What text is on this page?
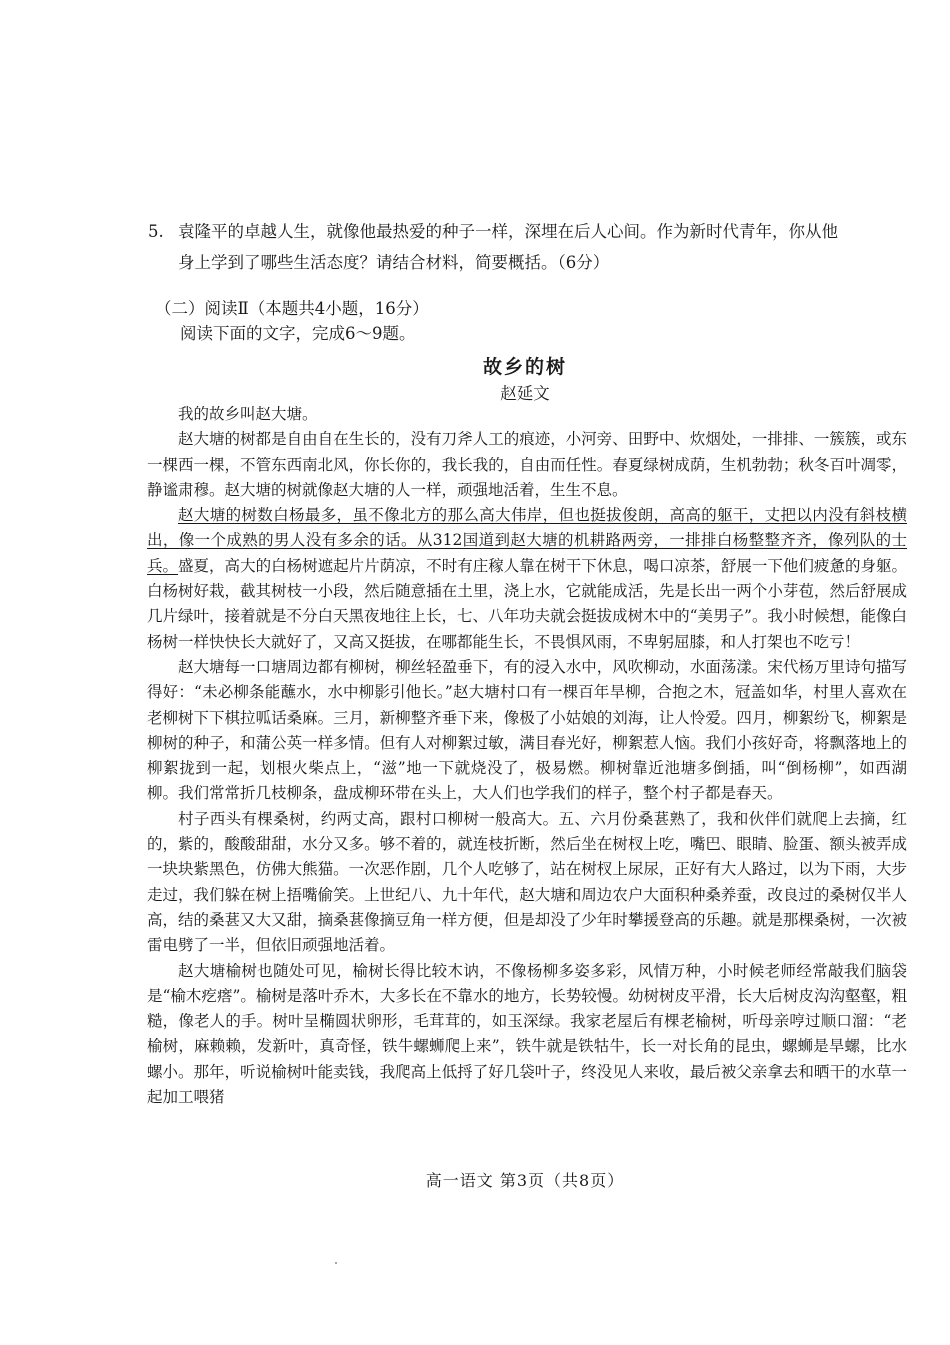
5. 袁隆平的卓越人生，就像他最热爱的种子一样，深埋在后人心间。作为新时代青年，你从他
身上学到了哪些生活态度？请结合材料，简要概括。（6分）
（二）阅读Ⅱ（本题共4小题，16分）
阅读下面的文字，完成6～9题。
故乡的树
赵延文

我的故乡叫赵大塘。

赵大塘的树都是自由自在生长的，没有刀斧人工的痕迹，小河旁、田野中、炊烟处，一排排、一簇簇，或东一棵西一棵，不管东西南北风，你长你的，我长我的，自由而任性。春夏绿树成荫，生机勃勃；秋冬百叶凋零，静谧肃穆。赵大塘的树就像赵大塘的人一样，顽强地活着，生生不息。

赵大塘的树数白杨最多，虽不像北方的那么高大伟岸，但也挺拔俊朗，高高的躯干，丈把以内没有斜枝横出，像一个成熟的男人没有多余的话。从312国道到赵大塘的机耕路两旁，一排排白杨整整齐齐，像列队的士兵。盛夏，高大的白杨树遮起片片荫凉，不时有庄稼人靠在树干下休息，喝口凉茶，舒展一下他们疲惫的身躯。白杨树好栽，截其树枝一小段，然后随意插在土里，浇上水，它就能成活，先是长出一两个小芽苞，然后舒展成几片绿叶，接着就是不分白天黑夜地往上长，七、八年功夫就会挺拔成树木中的“美男子”。我小时候想，能像白杨树一样快快长大就好了，又高又挺拔，在哪都能生长，不畏惧风雨，不卑躬屈膝，和人打架也不吃亏！

赵大塘每一口塘周边都有柳树，柳丝轻盈垂下，有的浸入水中，风吹柳动，水面荡漾。宋代杨万里诗句描写得好：“未必柳条能蘸水，水中柳影引他长。”赵大塘村口有一棵百年旱柳，合抱之木，冠盖如华，村里人喜欢在老柳树下下棋拉呱话桑麻。三月，新柳整齐垂下来，像极了小姑娘的刘海，让人怜爱。四月，柳絮纷飞，柳絮是柳树的种子，和蒲公英一样多情。但有人对柳絮过敏，满目春光好，柳絮惹人恼。我们小孩好奇，将飘落地上的柳絮拢到一起，划根火柴点上，“滋”地一下就烧没了，极易燃。柳树靠近池塘多倒插，叫“倒杨柳”，如西湖柳。我们常常折几枝柳条，盘成柳环带在头上，大人们也学我们的样子，整个村子都是春天。

村子西头有棵桑树，约两丈高，跟村口柳树一般高大。五、六月份桑葚熟了，我和伙伴们就爬上去摘，红的，紫的，酸酸甜甜，水分又多。够不着的，就连枝折断，然后坐在树杈上吃，嘴巴、眼睛、脸蛋、额头被弄成一块块紫黑色，仿佛大熊猫。一次恶作剧，几个人吃够了，站在树杈上尿尿，正好有大人路过，以为下雨，大步走过，我们躲在树上捂嘴偷笑。上世纪八、九十年代，赵大塘和周边农户大面积种桑养蚕，改良过的桑树仅半人高，结的桑葚又大又甜，摘桑葚像摘豆角一样方便，但是却没了少年时攀援登高的乐趣。就是那棵桑树，一次被雷电劈了一半，但依旧顽强地活着。

赵大塘榆树也随处可见，榆树长得比较木讷，不像杨柳多姿多彩，风情万种，小时候老师经常敲我们脑袋是“榆木疙瘩”。榆树是落叶乔木，大多长在不靠水的地方，长势较慢。幼树树皮平滑，长大后树皮沟沟壑壑，粗糙，像老人的手。树叶呈椭圆状卵形，毛茸茸的，如玉深绿。我家老屋后有棵老榆树，听母亲哼过顺口溜：“老榆树，麻赖赖，发新叶，真奇怪，铁牛螺蛳爬上来”，铁牛就是铁牯牛，长一对长角的昆虫，螺蛳是旱螺，比水螺小。那年，听说榆树叶能卖钱，我爬高上低捋了好几袋叶子，终没见人来收，最后被父亲拿去和晒干的水草一起加工喂猪

高一语文 第3页（共8页）
